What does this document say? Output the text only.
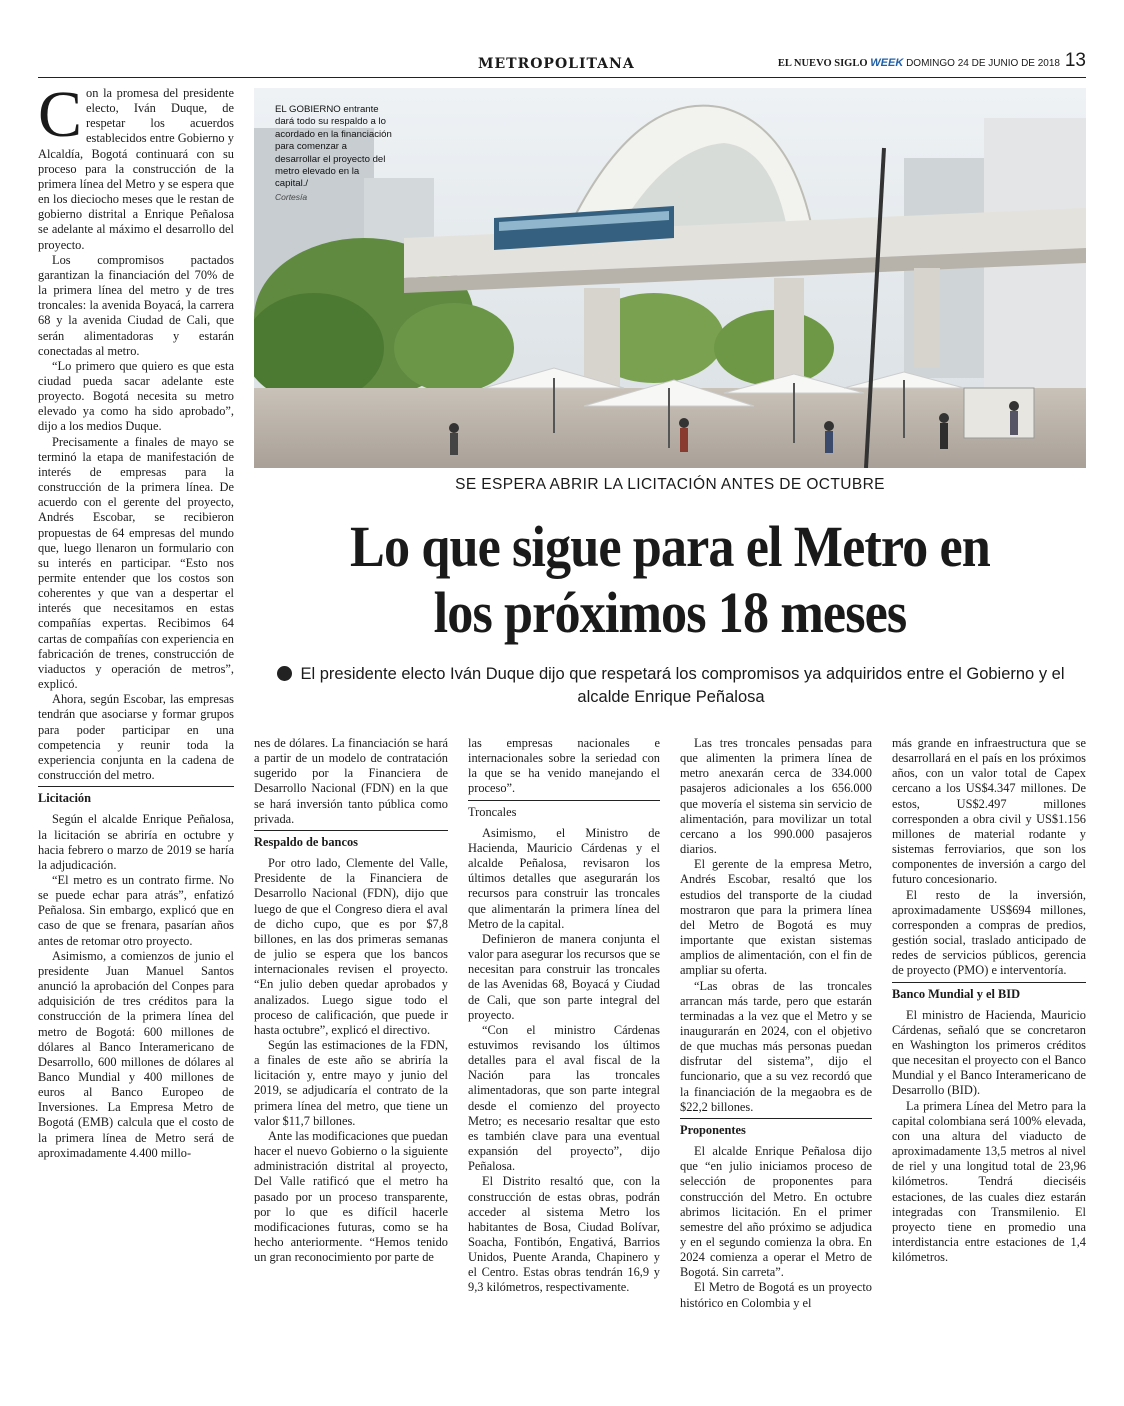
METROPOLITANA	EL NUEVO SIGLO WEEK DOMINGO 24 DE JUNIO DE 2018 13

Con la promesa del presidente electo, Iván Duque, de respetar los acuerdos establecidos entre Gobierno y Alcaldía, Bogotá continuará con su proceso para la construcción de la primera línea del Metro y se espera que en los dieciocho meses que le restan de gobierno distrital a Enrique Peñalosa se adelante al máximo el desarrollo del proyecto.

Los compromisos pactados garantizan la financiación del 70% de la primera línea del metro y de tres troncales: la avenida Boyacá, la carrera 68 y la avenida Ciudad de Cali, que serán alimentadoras y estarán conectadas al metro.

“Lo primero que quiero es que esta ciudad pueda sacar adelante este proyecto. Bogotá necesita su metro elevado ya como ha sido aprobado”, dijo a los medios Duque.

Precisamente a finales de mayo se terminó la etapa de manifestación de interés de empresas para la construcción de la primera línea. De acuerdo con el gerente del proyecto, Andrés Escobar, se recibieron propuestas de 64 empresas del mundo que, luego llenaron un formulario con su interés en participar. “Esto nos permite entender que los costos son coherentes y que van a despertar el interés que necesitamos en estas compañías expertas. Recibimos 64 cartas de compañías con experiencia en fabricación de trenes, construcción de viaductos y operación de metros”, explicó.

Ahora, según Escobar, las empresas tendrán que asociarse y formar grupos para poder participar en una competencia y reunir toda la experiencia conjunta en la cadena de construcción del metro.

Licitación

Según el alcalde Enrique Peñalosa, la licitación se abriría en octubre y hacia febrero o marzo de 2019 se haría la adjudicación.

“El metro es un contrato firme. No se puede echar para atrás”, enfatizó Peñalosa. Sin embargo, explicó que en caso de que se frenara, pasarían años antes de retomar otro proyecto.

Asimismo, a comienzos de junio el presidente Juan Manuel Santos anunció la aprobación del Conpes para adquisición de tres créditos para la construcción de la primera línea del metro de Bogotá: 600 millones de dólares al Banco Interamericano de Desarrollo, 600 millones de dólares al Banco Mundial y 400 millones de euros al Banco Europeo de Inversiones. La Empresa Metro de Bogotá (EMB) calcula que el costo de la primera línea de Metro será de aproximadamente 4.400 millo-

EL GOBIERNO entrante dará todo su respaldo a lo acordado en la financiación para comenzar a desarrollar el proyecto del metro elevado en la capital./
Cortesía
SE ESPERA ABRIR LA LICITACIÓN ANTES DE OCTUBRE
Lo que sigue para el Metro en
los próximos 18 meses
El presidente electo Iván Duque dijo que respetará los compromisos ya adquiridos entre el Gobierno y el alcalde Enrique Peñalosa

nes de dólares. La financiación se hará a partir de un modelo de contratación sugerido por la Financiera de Desarrollo Nacional (FDN) en la que se hará inversión tanto pública como privada.

Respaldo de bancos

Por otro lado, Clemente del Valle, Presidente de la Financiera de Desarrollo Nacional (FDN), dijo que luego de que el Congreso diera el aval de dicho cupo, que es por $7,8 billones, en las dos primeras semanas de julio se espera que los bancos internacionales revisen el proyecto. “En julio deben quedar aprobados y analizados. Luego sigue todo el proceso de calificación, que puede ir hasta octubre”, explicó el directivo.

Según las estimaciones de la FDN, a finales de este año se abriría la licitación y, entre mayo y junio del 2019, se adjudicaría el contrato de la primera línea del metro, que tiene un valor $11,7 billones.

Ante las modificaciones que puedan hacer el nuevo Gobierno o la siguiente administración distrital al proyecto, Del Valle ratificó que el metro ha pasado por un proceso transparente, por lo que es difícil hacerle modificaciones futuras, como se ha hecho anteriormente. “Hemos tenido un gran reconocimiento por parte de

las empresas nacionales e internacionales sobre la seriedad con la que se ha venido manejando el proceso”.

Troncales

Asimismo, el Ministro de Hacienda, Mauricio Cárdenas y el alcalde Peñalosa, revisaron los últimos detalles que asegurarán los recursos para construir las troncales que alimentarán la primera línea del Metro de la capital.

Definieron de manera conjunta el valor para asegurar los recursos que se necesitan para construir las troncales de las Avenidas 68, Boyacá y Ciudad de Cali, que son parte integral del proyecto.

“Con el ministro Cárdenas estuvimos revisando los últimos detalles para el aval fiscal de la Nación para las troncales alimentadoras, que son parte integral desde el comienzo del proyecto Metro; es necesario resaltar que esto es también clave para una eventual expansión del proyecto”, dijo Peñalosa.

El Distrito resaltó que, con la construcción de estas obras, podrán acceder al sistema Metro los habitantes de Bosa, Ciudad Bolívar, Soacha, Fontibón, Engativá, Barrios Unidos, Puente Aranda, Chapinero y el Centro. Estas obras tendrán 16,9 y 9,3 kilómetros, respectivamente.

Las tres troncales pensadas para que alimenten la primera línea de metro anexarán cerca de 334.000 pasajeros adicionales a los 656.000 que movería el sistema sin servicio de alimentación, para movilizar un total cercano a los 990.000 pasajeros diarios.

El gerente de la empresa Metro, Andrés Escobar, resaltó que los estudios del transporte de la ciudad mostraron que para la primera línea del Metro de Bogotá es muy importante que existan sistemas amplios de alimentación, con el fin de ampliar su oferta.

“Las obras de las troncales arrancan más tarde, pero que estarán terminadas a la vez que el Metro y se inaugurarán en 2024, con el objetivo de que muchas más personas puedan disfrutar del sistema”, dijo el funcionario, que a su vez recordó que la financiación de la megaobra es de $22,2 billones.

Proponentes

El alcalde Enrique Peñalosa dijo que “en julio iniciamos proceso de selección de proponentes para construcción del Metro. En octubre abrimos licitación. En el primer semestre del año próximo se adjudica y en el segundo comienza la obra. En 2024 comienza a operar el Metro de Bogotá. Sin carreta”.

El Metro de Bogotá es un proyecto histórico en Colombia y el

más grande en infraestructura que se desarrollará en el país en los próximos años, con un valor total de Capex cercano a los US$4.347 millones. De estos, US$2.497 millones corresponden a obra civil y US$1.156 millones de material rodante y sistemas ferroviarios, que son los componentes de inversión a cargo del futuro concesionario.

El resto de la inversión, aproximadamente US$694 millones, corresponden a compras de predios, gestión social, traslado anticipado de redes de servicios públicos, gerencia de proyecto (PMO) e interventoría.

Banco Mundial y el BID

El ministro de Hacienda, Mauricio Cárdenas, señaló que se concretaron en Washington los primeros créditos que necesitan el proyecto con el Banco Mundial y el Banco Interamericano de Desarrollo (BID).

La primera Línea del Metro para la capital colombiana será 100% elevada, con una altura del viaducto de aproximadamente 13,5 metros al nivel de riel y una longitud total de 23,96 kilómetros. Tendrá dieciséis estaciones, de las cuales diez estarán integradas con Transmilenio. El proyecto tiene en promedio una interdistancia entre estaciones de 1,4 kilómetros.
